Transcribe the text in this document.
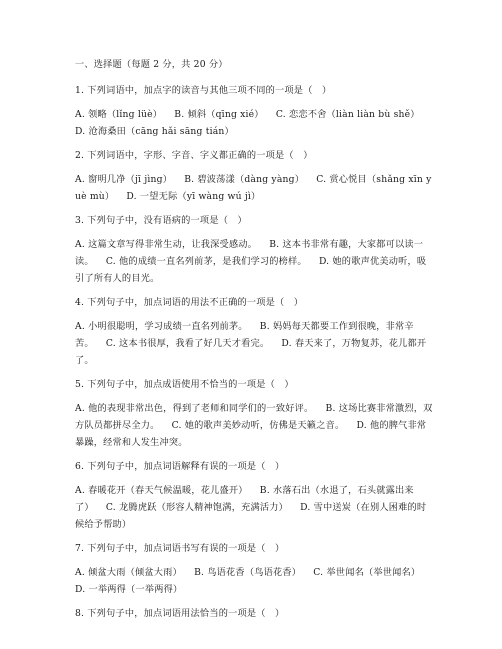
一、选择题（每题 2 分，共 20 分）
1. 下列词语中，加点字的读音与其他三项不同的一项是（　）
A. 领略（lǐng lüè） B. 倾斜（qīng xié） C. 恋恋不舍（liàn liàn bù shě） D. 沧海桑田（cāng hǎi sāng tián）
2. 下列词语中，字形、字音、字义都正确的一项是（　）
A. 窗明几净（jī jìng） B. 碧波荡漾（dàng yàng） C. 赏心悦目（shǎng xīn yuè mù） D. 一望无际（yī wàng wú jì）
3. 下列句子中，没有语病的一项是（　）
A. 这篇文章写得非常生动，让我深受感动。 B. 这本书非常有趣，大家都可以读一读。 C. 他的成绩一直名列前茅，是我们学习的榜样。 D. 她的歌声优美动听，吸引了所有人的目光。
4. 下列句子中，加点词语的用法不正确的一项是（　）
A. 小明很聪明，学习成绩一直名列前茅。 B. 妈妈每天都要工作到很晚，非常辛苦。 C. 这本书很厚，我看了好几天才看完。 D. 春天来了，万物复苏，花儿都开了。
5. 下列句子中，加点成语使用不恰当的一项是（　）
A. 他的表现非常出色，得到了老师和同学们的一致好评。 B. 这场比赛非常激烈，双方队员都拼尽全力。 C. 她的歌声美妙动听，仿佛是天籁之音。 D. 他的脾气非常暴躁，经常和人发生冲突。
6. 下列句子中，加点词语解释有误的一项是（　）
A. 春暖花开（春天气候温暖，花儿盛开） B. 水落石出（水退了，石头就露出来了） C. 龙腾虎跃（形容人精神饱满，充满活力） D. 雪中送炭（在别人困难的时候给予帮助）
7. 下列句子中，加点词语书写有误的一项是（　）
A. 倾盆大雨（倾盆大雨） B. 鸟语花香（鸟语花香） C. 举世闻名（举世闻名） D. 一举两得（一举两得）
8. 下列句子中，加点词语用法恰当的一项是（　）
